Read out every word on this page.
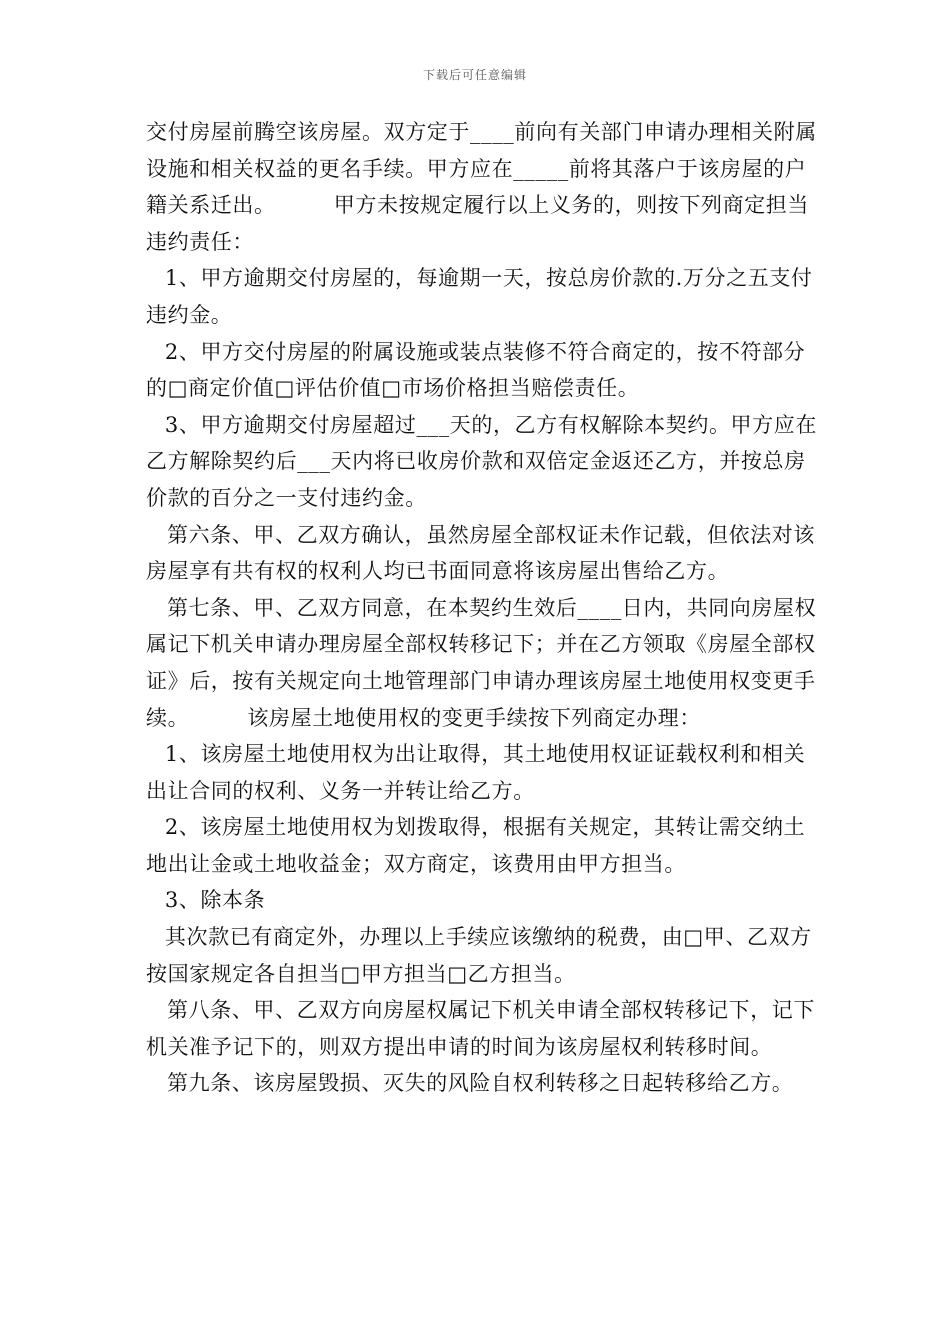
下载后可任意编辑

交付房屋前腾空该房屋。双方定于____前向有关部门申请办理相关附属设施和相关权益的更名手续。甲方应在_____前将其落户于该房屋的户籍关系迁出。        甲方未按规定履行以上义务的，则按下列商定担当违约责任：

1、甲方逾期交付房屋的，每逾期一天，按总房价款的.万分之五支付违约金。

2、甲方交付房屋的附属设施或装点装修不符合商定的，按不符部分的□商定价值□评估价值□市场价格担当赔偿责任。

3、甲方逾期交付房屋超过___天的，乙方有权解除本契约。甲方应在乙方解除契约后___天内将已收房价款和双倍定金返还乙方，并按总房价款的百分之一支付违约金。

第六条、甲、乙双方确认，虽然房屋全部权证未作记载，但依法对该房屋享有共有权的权利人均已书面同意将该房屋出售给乙方。

第七条、甲、乙双方同意，在本契约生效后____日内，共同向房屋权属记下机关申请办理房屋全部权转移记下；并在乙方领取《房屋全部权证》后，按有关规定向土地管理部门申请办理该房屋土地使用权变更手续。        该房屋土地使用权的变更手续按下列商定办理：

1、该房屋土地使用权为出让取得，其土地使用权证证载权利和相关出让合同的权利、义务一并转让给乙方。

2、该房屋土地使用权为划拨取得，根据有关规定，其转让需交纳土地出让金或土地收益金；双方商定，该费用由甲方担当。

3、除本条

其次款已有商定外，办理以上手续应该缴纳的税费，由□甲、乙双方按国家规定各自担当□甲方担当□乙方担当。

第八条、甲、乙双方向房屋权属记下机关申请全部权转移记下，记下机关准予记下的，则双方提出申请的时间为该房屋权利转移时间。

第九条、该房屋毁损、灭失的风险自权利转移之日起转移给乙方。
